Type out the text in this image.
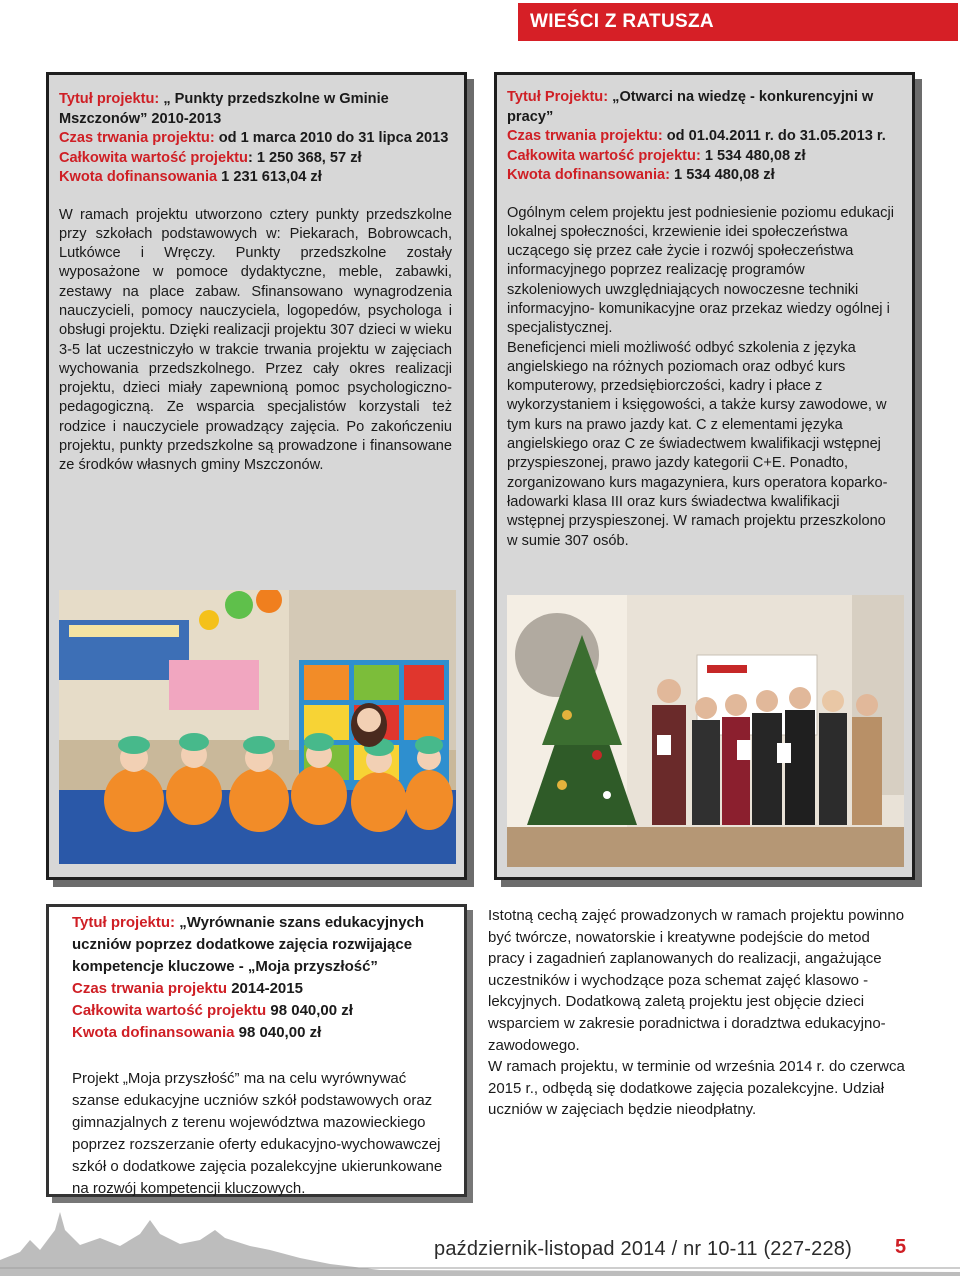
WIEŚCI Z RATUSZA
Tytuł projektu: „ Punkty przedszkolne w Gminie Mszczonów” 2010-2013
Czas trwania projektu: od 1 marca 2010 do 31 lipca 2013
Całkowita wartość projektu: 1 250 368, 57 zł
Kwota dofinansowania 1 231 613,04 zł
W ramach projektu utworzono cztery punkty przedszkolne przy szkołach podstawowych w: Piekarach, Bobrowcach, Lutkówce i Wręczy. Punkty przedszkolne zostały wyposażone w pomoce dydaktyczne, meble, zabawki, zestawy na place zabaw. Sfinansowano wynagrodzenia nauczycieli, pomocy nauczyciela, logopedów, psychologa i obsługi projektu. Dzięki realizacji projektu 307 dzieci w wieku 3-5 lat uczestniczyło w trakcie trwania projektu w zajęciach wychowania przedszkolnego. Przez cały okres realizacji projektu, dzieci miały zapewnioną pomoc psychologiczno-pedagogiczną. Ze wsparcia specjalistów korzystali też rodzice i nauczyciele prowadzący zajęcia. Po zakończeniu projektu, punkty przedszkolne są prowadzone i finansowane ze środków własnych gminy Mszczonów.
Tytuł Projektu: „Otwarci na wiedzę - konkurencyjni w pracy”
Czas trwania projektu: od 01.04.2011 r. do 31.05.2013 r.
Całkowita wartość projektu: 1 534 480,08 zł
Kwota dofinansowania: 1 534 480,08 zł
Ogólnym celem projektu jest podniesienie poziomu edukacji lokalnej społeczności, krzewienie idei społeczeństwa uczącego się przez całe życie i rozwój społeczeństwa informacyjnego poprzez realizację programów szkoleniowych uwzględniających nowoczesne techniki informacyjno- komunikacyjne oraz przekaz wiedzy ogólnej i specjalistycznej.
Beneficjenci mieli możliwość odbyć szkolenia z języka angielskiego na różnych poziomach oraz odbyć kurs komputerowy, przedsiębiorczości, kadry i płace z wykorzystaniem i księgowości, a także kursy zawodowe, w tym kurs na prawo jazdy kat. C z elementami języka angielskiego oraz C ze świadectwem kwalifikacji wstępnej przyspieszonej, prawo jazdy kategorii C+E. Ponadto, zorganizowano kurs magazyniera, kurs operatora koparko- ładowarki klasa III oraz kurs świadectwa kwalifikacji wstępnej przyspieszonej. W ramach projektu przeszkolono w sumie 307 osób.
Tytuł projektu: „Wyrównanie szans edukacyjnych uczniów poprzez dodatkowe zajęcia rozwijające kompetencje kluczowe - „Moja przyszłość”
Czas trwania projektu 2014-2015
Całkowita wartość projektu 98 040,00 zł
Kwota dofinansowania 98 040,00 zł
Projekt „Moja przyszłość” ma na celu wyrównywać szanse edukacyjne uczniów szkół podstawowych oraz gimnazjalnych z terenu województwa mazowieckiego poprzez rozszerzanie oferty edukacyjno-wychowawczej szkół o dodatkowe zajęcia pozalekcyjne ukierunkowane na rozwój kompetencji kluczowych.
Istotną cechą zajęć prowadzonych w ramach projektu powinno być twórcze, nowatorskie i kreatywne podejście do metod pracy i zagadnień zaplanowanych do realizacji, angażujące uczestników i wychodzące poza schemat zajęć klasowo - lekcyjnych. Dodatkową zaletą projektu jest objęcie dzieci wsparciem w zakresie poradnictwa i doradztwa edukacyjno-zawodowego.
W ramach projektu, w terminie od września 2014 r. do czerwca 2015 r., odbędą się dodatkowe zajęcia pozalekcyjne. Udział uczniów w zajęciach będzie nieodpłatny.
październik-listopad 2014 / nr 10-11 (227-228) 5
